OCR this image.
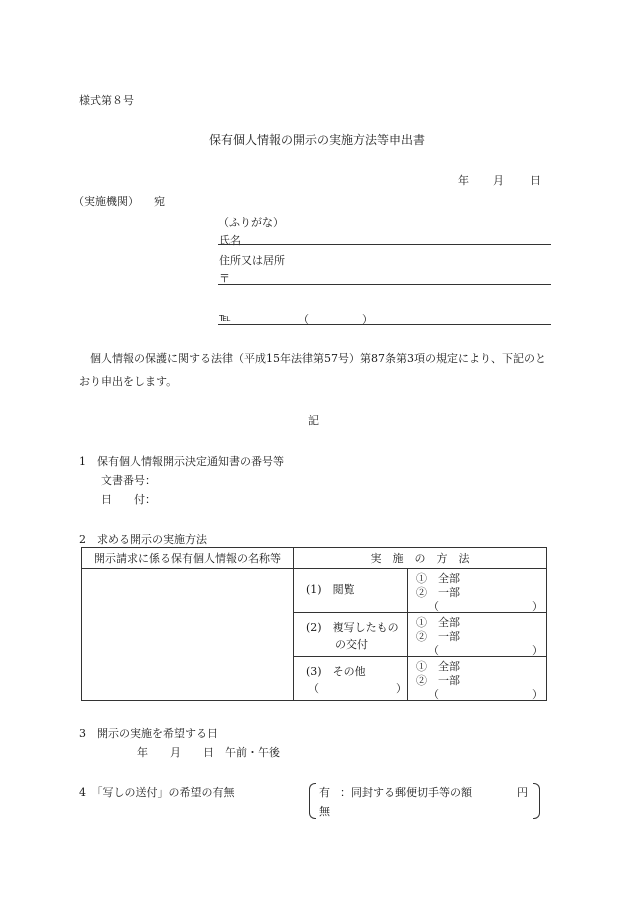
様式第８号
保有個人情報の開示の実施方法等申出書
年 月 日
（実施機関） 宛
（ふりがな）
氏名
住所又は居所
〒
℡	（	）
個人情報の保護に関する法律（平成15年法律第57号）第87条第3項の規定により、下記のと
おり申出をします。
記
1　保有個人情報開示決定通知書の番号等
文書番号：
日　　付：
2　求める開示の実施方法
開示請求に係る保有個人情報の名称等	実　施　の　方　法	

	(1)　閲覧	①　全部
②　一部
（ ）

	(2)　複写したもの
の交付	①　全部
②　一部
（ ）

	(3)　その他
（　　　　　　　）	①　全部
②　一部
（ ）
3　開示の実施を希望する日
年　　月　　日　午前・午後
4　「写しの送付」の希望の有無	有 ：同封する郵便切手等の額	円
無
